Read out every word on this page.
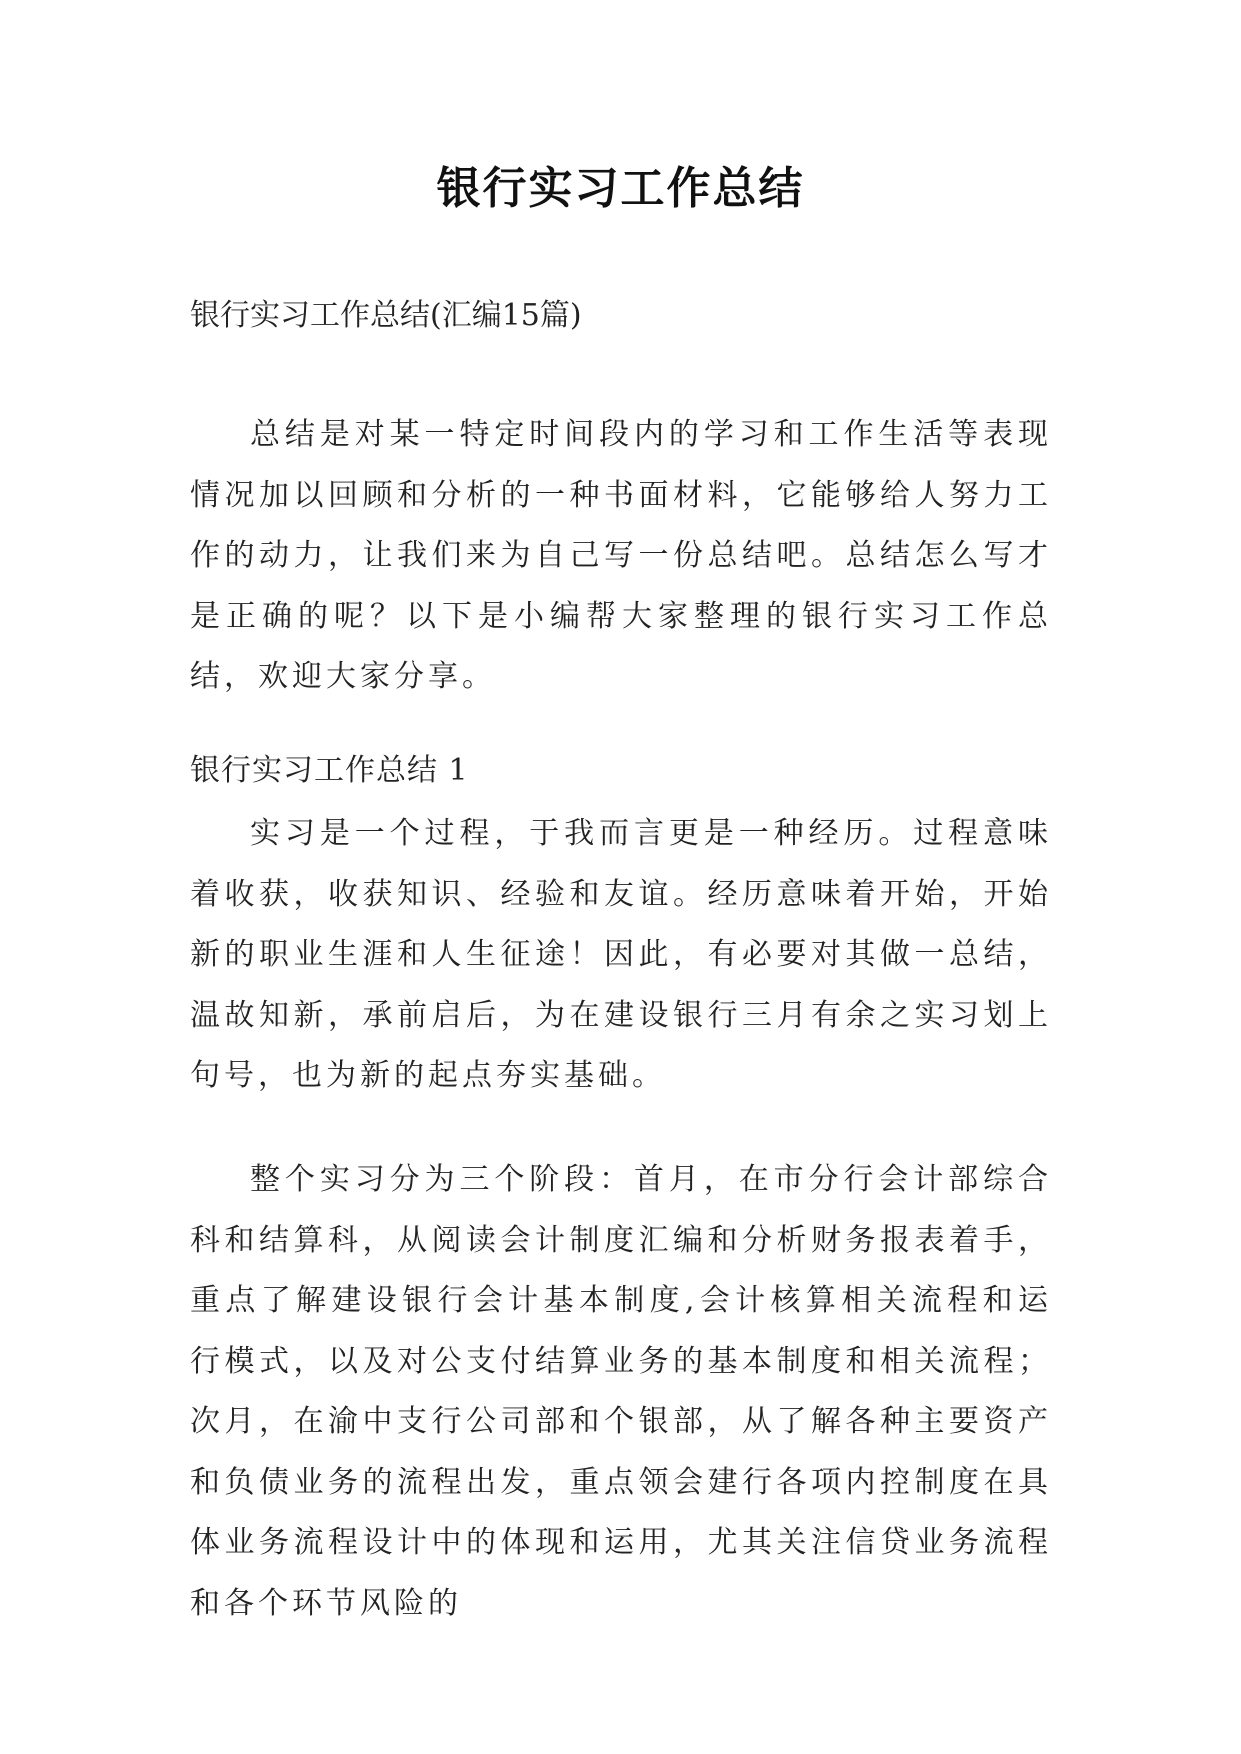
银行实习工作总结

银行实习工作总结(汇编15篇)

总结是对某一特定时间段内的学习和工作生活等表现情况加以回顾和分析的一种书面材料，它能够给人努力工作的动力，让我们来为自己写一份总结吧。总结怎么写才是正确的呢？以下是小编帮大家整理的银行实习工作总结，欢迎大家分享。

银行实习工作总结 1

实习是一个过程，于我而言更是一种经历。过程意味着收获，收获知识、经验和友谊。经历意味着开始，开始新的职业生涯和人生征途！因此，有必要对其做一总结，温故知新，承前启后，为在建设银行三月有余之实习划上句号，也为新的起点夯实基础。

整个实习分为三个阶段：首月，在市分行会计部综合科和结算科，从阅读会计制度汇编和分析财务报表着手，重点了解建设银行会计基本制度,会计核算相关流程和运行模式，以及对公支付结算业务的基本制度和相关流程；次月，在渝中支行公司部和个银部，从了解各种主要资产和负债业务的流程出发，重点领会建行各项内控制度在具体业务流程设计中的体现和运用，尤其关注信贷业务流程和各个环节风险的
